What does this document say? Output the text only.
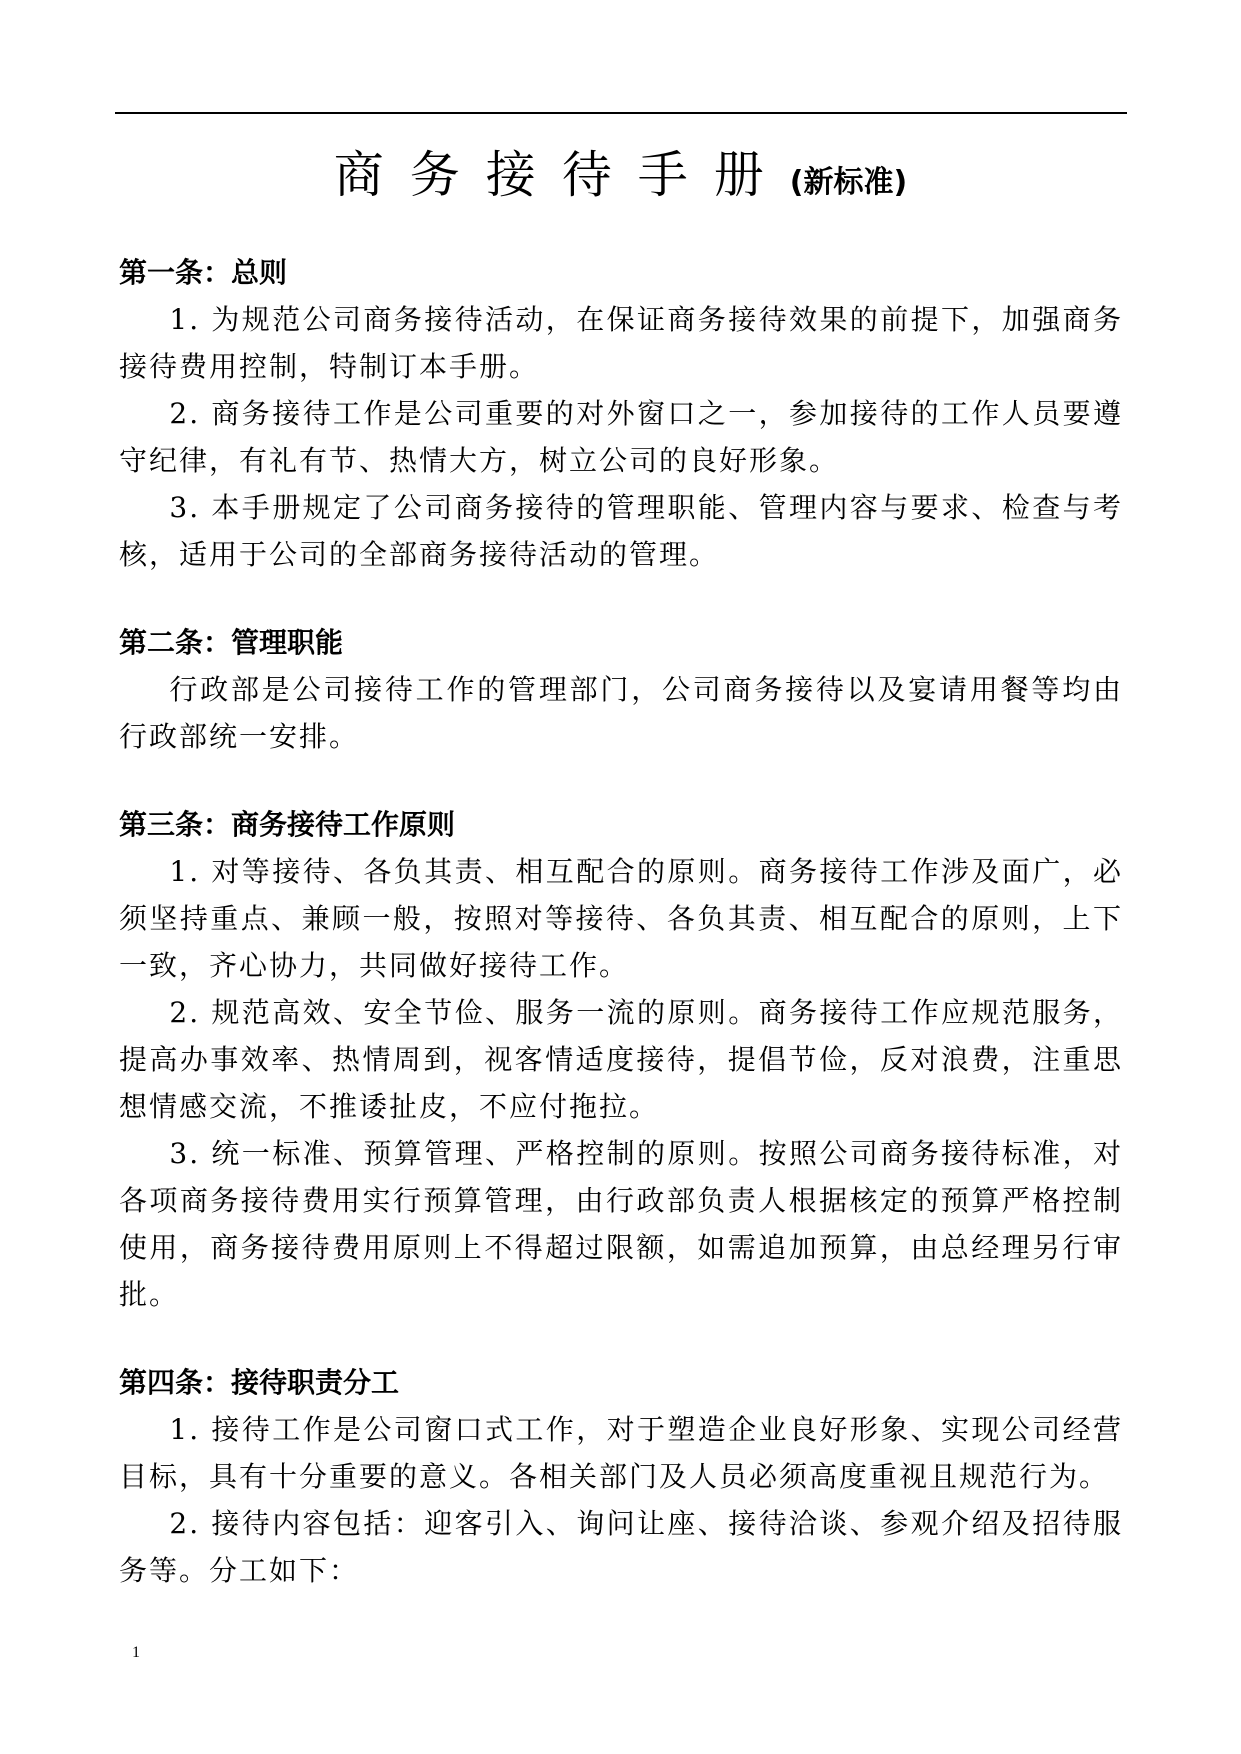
商务接待手册(新标准)
第一条：总则
1. 为规范公司商务接待活动，在保证商务接待效果的前提下，加强商务接待费用控制，特制订本手册。
2. 商务接待工作是公司重要的对外窗口之一，参加接待的工作人员要遵守纪律，有礼有节、热情大方，树立公司的良好形象。
3. 本手册规定了公司商务接待的管理职能、管理内容与要求、检查与考核，适用于公司的全部商务接待活动的管理。
第二条：管理职能
行政部是公司接待工作的管理部门，公司商务接待以及宴请用餐等均由行政部统一安排。
第三条：商务接待工作原则
1. 对等接待、各负其责、相互配合的原则。商务接待工作涉及面广，必须坚持重点、兼顾一般，按照对等接待、各负其责、相互配合的原则，上下一致，齐心协力，共同做好接待工作。
2. 规范高效、安全节俭、服务一流的原则。商务接待工作应规范服务，提高办事效率、热情周到，视客情适度接待，提倡节俭，反对浪费，注重思想情感交流，不推诿扯皮，不应付拖拉。
3. 统一标准、预算管理、严格控制的原则。按照公司商务接待标准，对各项商务接待费用实行预算管理，由行政部负责人根据核定的预算严格控制使用，商务接待费用原则上不得超过限额，如需追加预算，由总经理另行审批。
第四条：接待职责分工
1. 接待工作是公司窗口式工作，对于塑造企业良好形象、实现公司经营目标，具有十分重要的意义。各相关部门及人员必须高度重视且规范行为。
2. 接待内容包括：迎客引入、询问让座、接待洽谈、参观介绍及招待服务等。分工如下：
1
